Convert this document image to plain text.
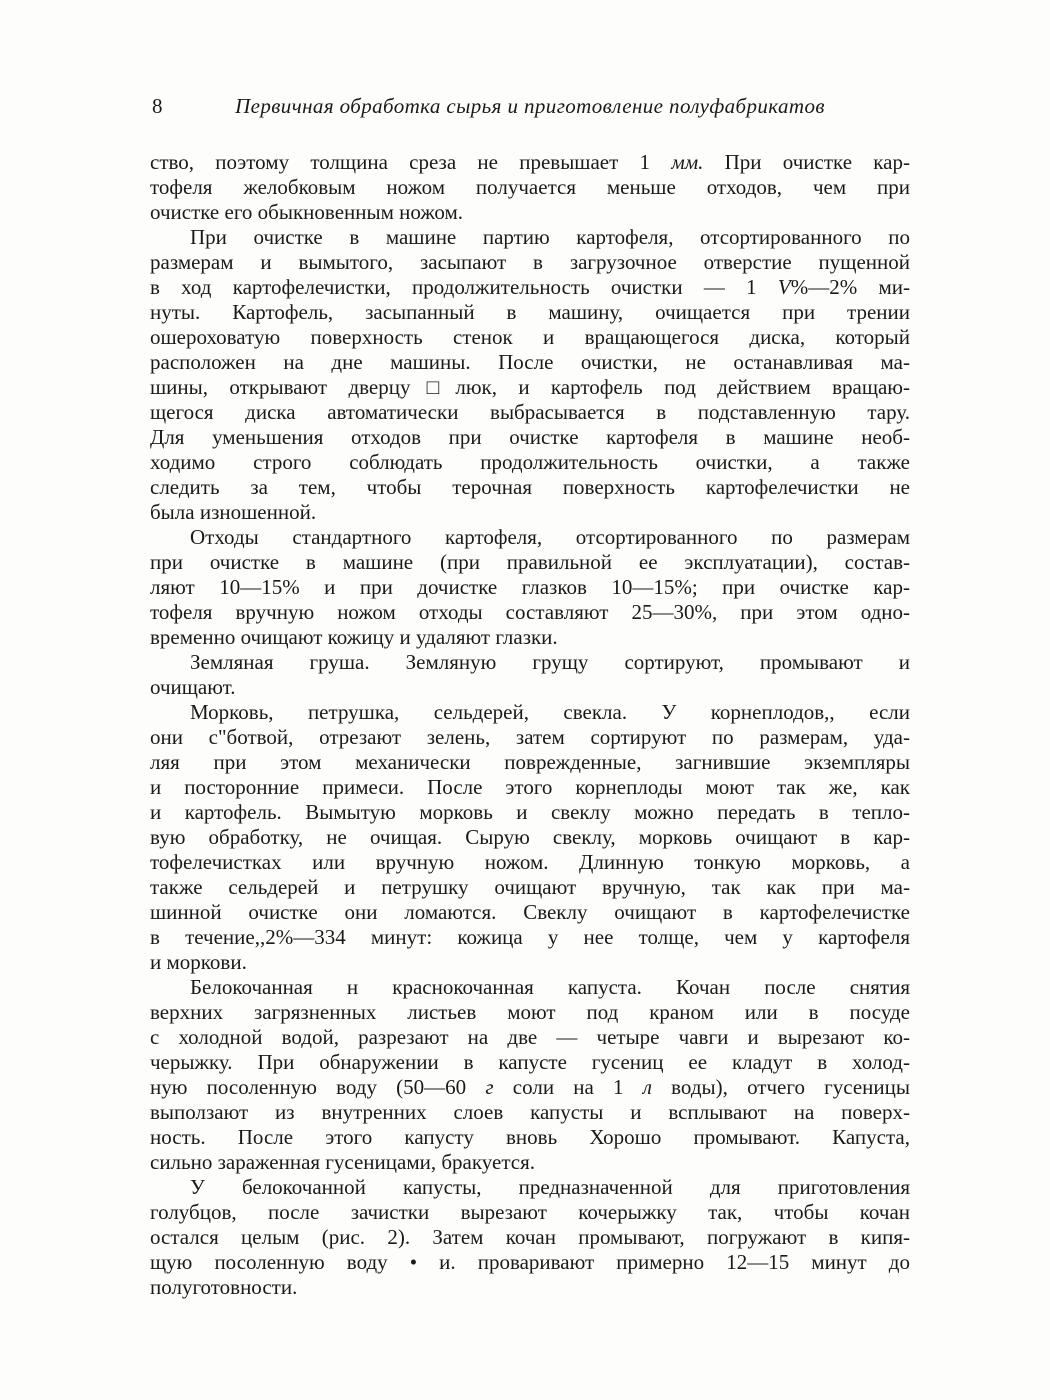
8	Первичная обработка сырья и приготовление полуфабрикатов
ство, поэтому толщина среза не превышает 1 мм. При очистке кар-
тофеля желобковым ножом получается меньше отходов, чем при
очистке его обыкновенным ножом.
При очистке в машине партию картофеля, отсортированного по
размерам и вымытого, засыпают в загрузочное отверстие пущенной
в ход картофелечистки, продолжительность очистки — 1 V%—2% ми-
нуты. Картофель, засыпанный в машину, очищается при трении
ошероховатую поверхность стенок и вращающегося диска, который
расположен на дне машины. После очистки, не останавливая ма-
шины, открывают дверцу□люк, и картофель под действием вращаю-
щегося диска автоматически выбрасывается в подставленную тару.
Для уменьшения отходов при очистке картофеля в машине необ-
ходимо строго соблюдать продолжительность очистки, а также
следить за тем, чтобы терочная поверхность картофелечистки не
была изношенной.
Отходы стандартного картофеля, отсортированного по размерам
при очистке в машине (при правильной ее эксплуатации), состав-
ляют 10—15% и при дочистке глазков 10—15%; при очистке кар-
тофеля вручную ножом отходы составляют 25—30%, при этом одно-
временно очищают кожицу и удаляют глазки.
Земляная груша. Земляную грущу сортируют, промывают и
очищают.
Морковь, петрушка, сельдерей, свекла. У корнеплодов,, если
они с"ботвой, отрезают зелень, затем сортируют по размерам, уда-
ляя при этом механически поврежденные, загнившие экземпляры
и посторонние примеси. После этого корнеплоды моют так же, как
и картофель. Вымытую морковь и свеклу можно передать в тепло-
вую обработку, не очищая. Сырую свеклу, морковь очищают в кар-
тофелечистках или вручную ножом. Длинную тонкую морковь, а
также сельдерей и петрушку очищают вручную, так как при ма-
шинной очистке они ломаются. Свеклу очищают в картофелечистке
в течение,,2%—334 минут: кожица у нее толще, чем у картофеля
и моркови.
Белокочанная н краснокочанная капуста. Кочан после снятия
верхних загрязненных листьев моют под краном или в посуде
с холодной водой, разрезают на две — четыре чавги и вырезают ко-
черыжку. При обнаружении в капусте гусениц ее кладут в холод-
ную посоленную воду (50—60 г соли на 1 л воды), отчего гусеницы
выползают из внутренних слоев капусты и всплывают на поверх-
ность. После этого капусту вновь Хорошо промывают. Капуста,
сильно зараженная гусеницами, бракуется.
У белокочанной капусты, предназначенной для приготовления
голубцов, после зачистки вырезают кочерыжку так, чтобы кочан
остался целым (рис. 2). Затем кочан промывают, погружают в кипя-
щую посоленную воду • и. проваривают примерно 12—15 минут до
полуготовности.
